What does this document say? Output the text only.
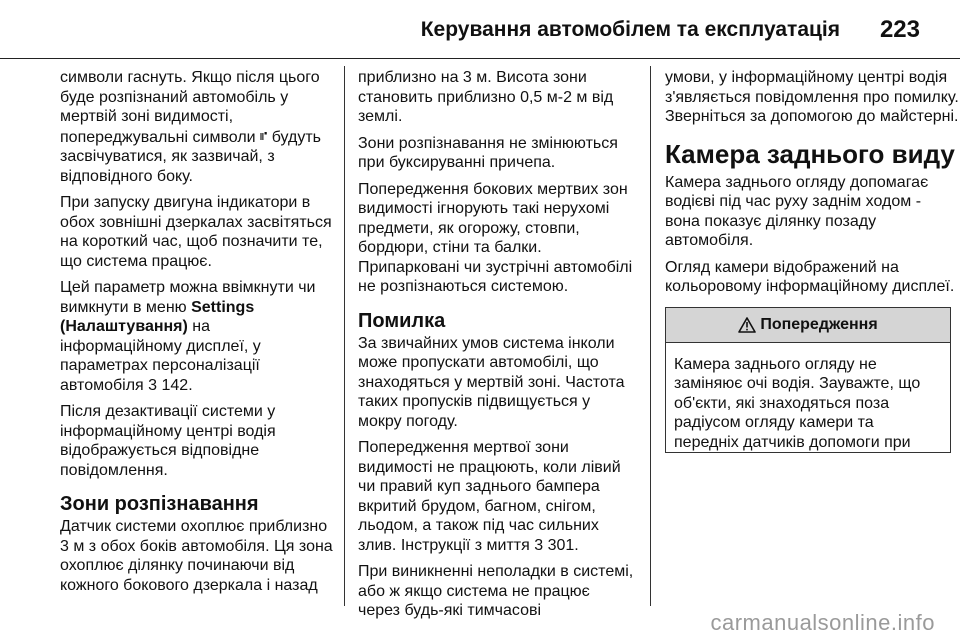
Керування автомобілем та експлуатація 223

символи гаснуть. Якщо після цього буде розпізнаний автомобіль у мертвій зоні видимості, попереджувальні символи ⑈ будуть засвічуватися, як зазвичай, з відповідного боку.

При запуску двигуна індикатори в обох зовнішні дзеркалах засвітяться на короткий час, щоб позначити те, що система працює.

Цей параметр можна ввімкнути чи вимкнути в меню Settings (Налаштування) на інформаційному дисплеї, у параметрах персоналізації автомобіля 3 142.

Після дезактивації системи у інформаційному центрі водія відображується відповідне повідомлення.

Зони розпізнавання

Датчик системи охоплює приблизно 3 м з обох боків автомобіля. Ця зона охоплює ділянку починаючи від кожного бокового дзеркала і назад

приблизно на 3 м. Висота зони становить приблизно 0,5 м-2 м від землі.

Зони розпізнавання не змінюються при буксируванні причепа.

Попередження бокових мертвих зон видимості ігнорують такі нерухомі предмети, як огорожу, стовпи, бордюри, стіни та балки. Припарковані чи зустрічні автомобілі не розпізнаються системою.

Помилка

За звичайних умов система інколи може пропускати автомобілі, що знаходяться у мертвій зоні. Частота таких пропусків підвищується у мокру погоду.

Попередження мертвої зони видимості не працюють, коли лівий чи правий куп заднього бампера вкритий брудом, багном, снігом, льодом, а також під час сильних злив. Інструкції з миття 3 301.

При виникненні неполадки в системі, або ж якщо система не працює через будь-які тимчасові

умови, у інформаційному центрі водія з'являється повідомлення про помилку. Зверніться за допомогою до майстерні.

Камера заднього виду

Камера заднього огляду допомагає водієві під час руху заднім ходом - вона показує ділянку позаду автомобіля.

Огляд камери відображений на кольоровому інформаційному дисплеї.

Попередження

Камера заднього огляду не заміняює очі водія. Зауважте, що об'єкти, які знаходяться поза радіусом огляду камери та передніх датчиків допомоги при

carmanualsonline.info
